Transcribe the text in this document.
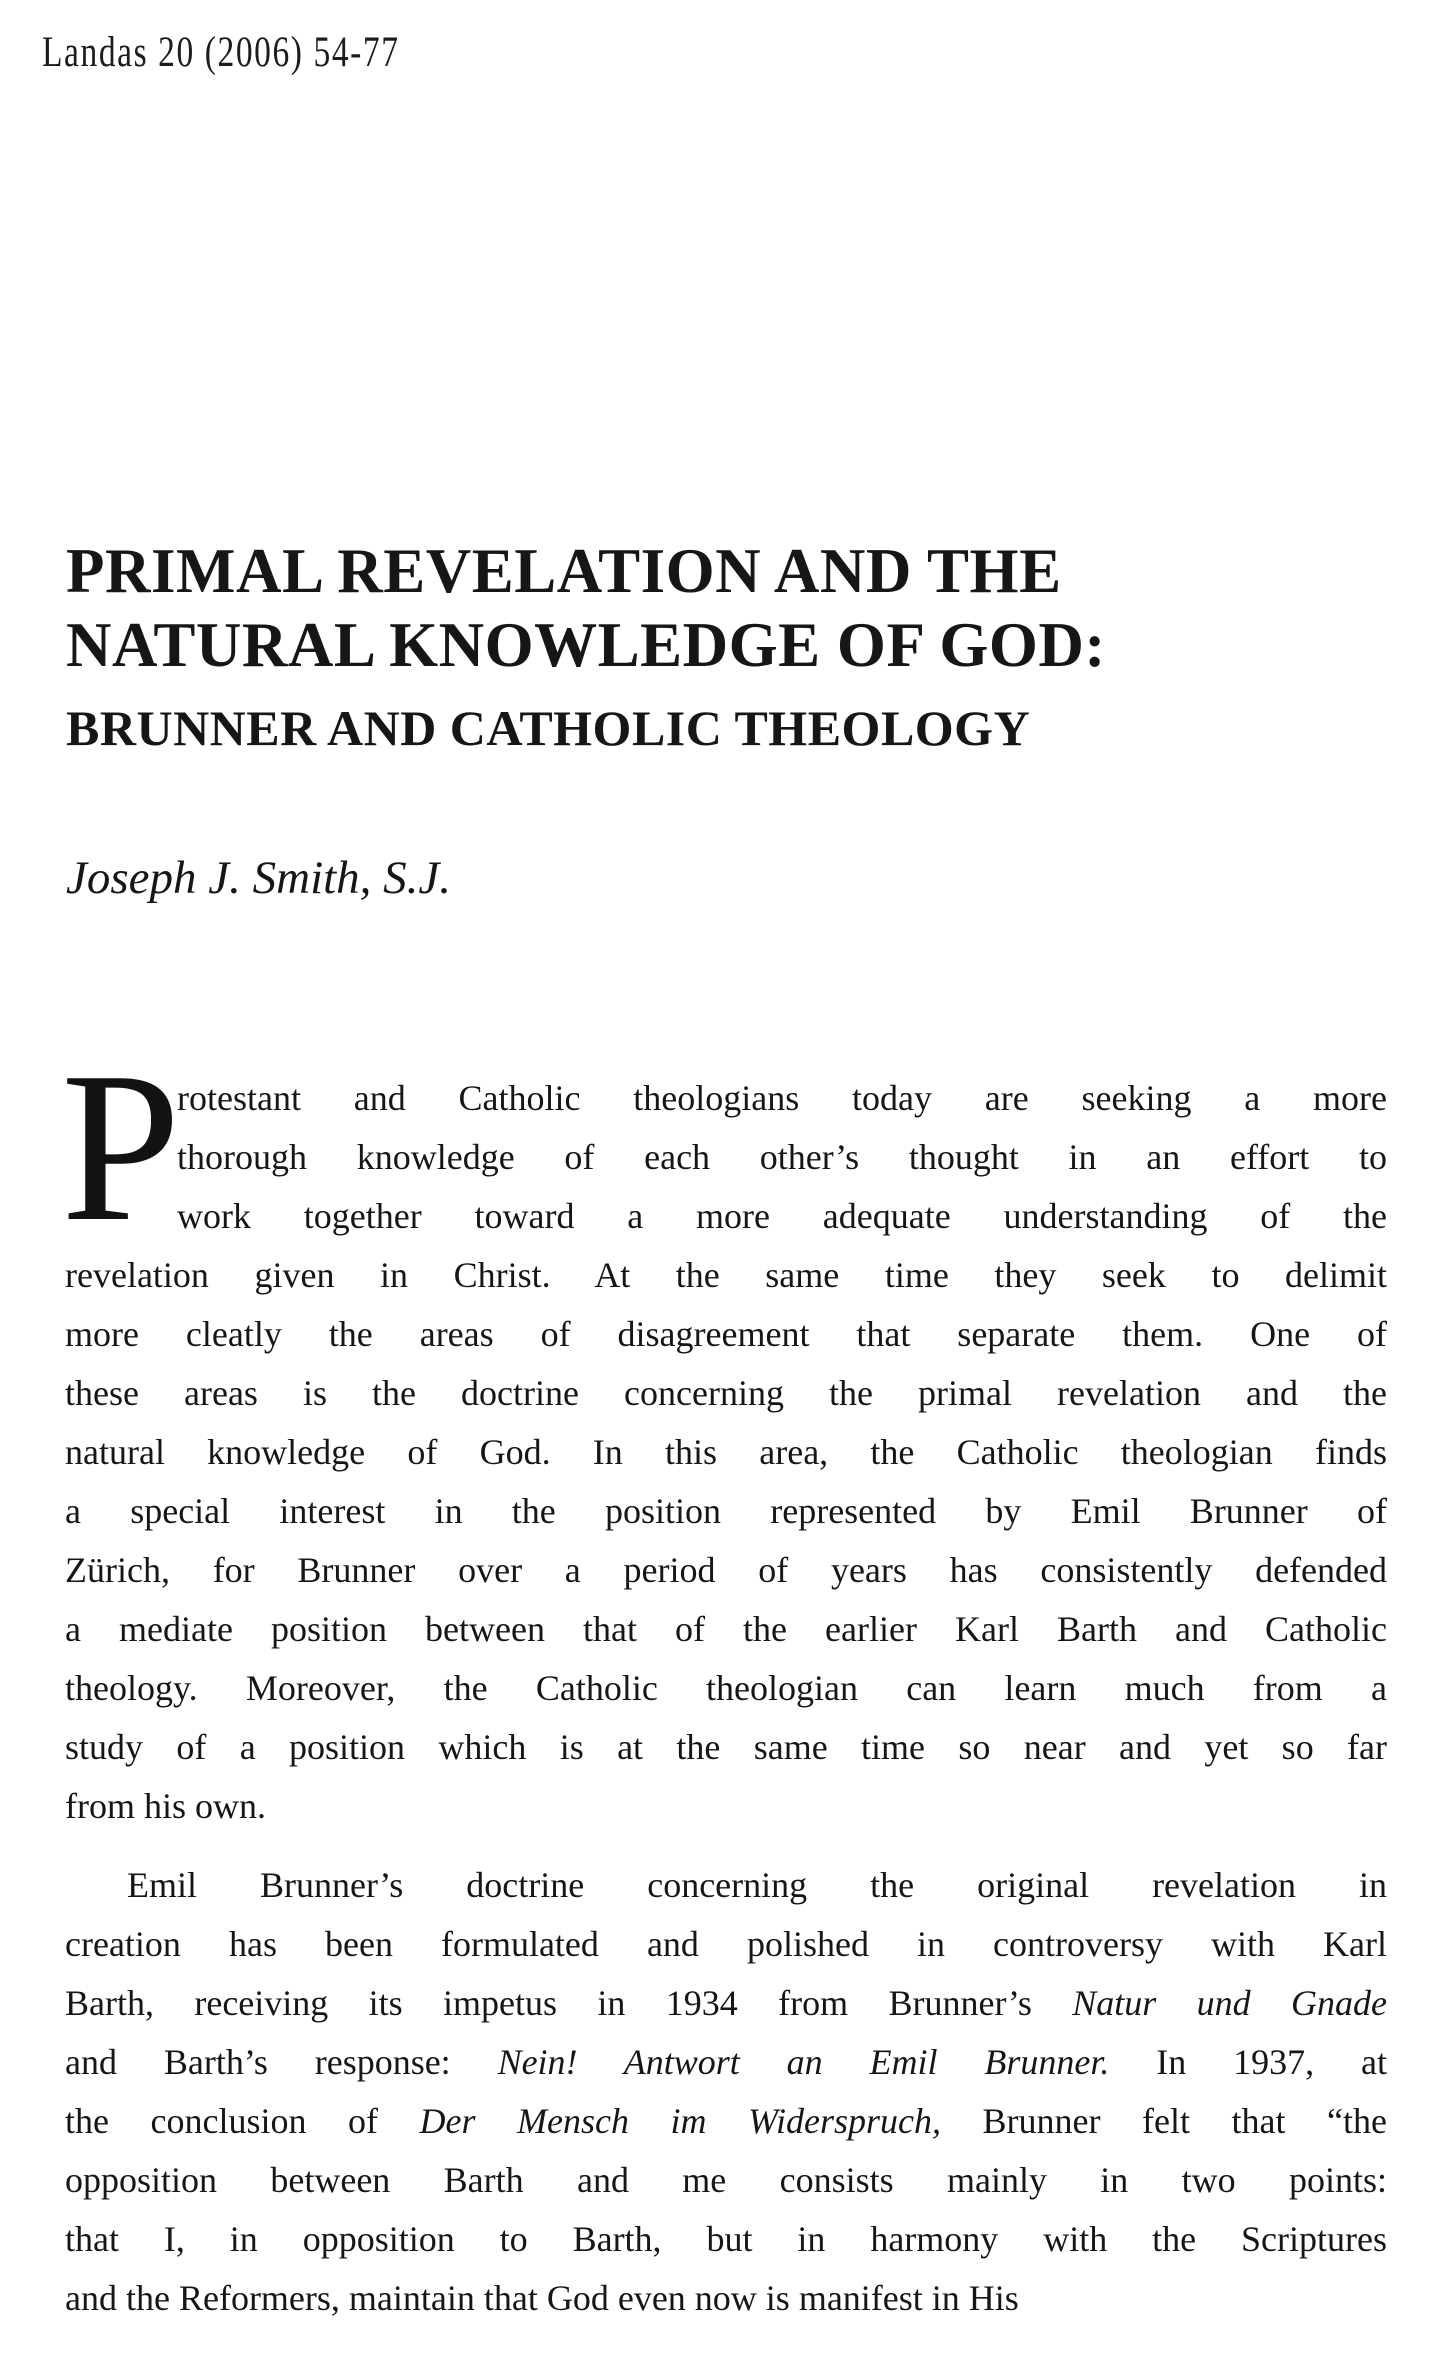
Landas 20 (2006) 54-77
PRIMAL REVELATION AND THE
NATURAL KNOWLEDGE OF GOD:
BRUNNER AND CATHOLIC THEOLOGY
Joseph J. Smith, S.J.
P
rotestant and Catholic theologians today are seeking a more
thorough knowledge of each other’s thought in an effort to
work together toward a more adequate understanding of the
revelation given in Christ. At the same time they seek to delimit
more cleatly the areas of disagreement that separate them. One of
these areas is the doctrine concerning the primal revelation and the
natural knowledge of God. In this area, the Catholic theologian finds
a special interest in the position represented by Emil Brunner of
Zürich, for Brunner over a period of years has consistently defended
a mediate position between that of the earlier Karl Barth and Catholic
theology. Moreover, the Catholic theologian can learn much from a
study of a position which is at the same time so near and yet so far
from his own.
Emil Brunner’s doctrine concerning the original revelation in
creation has been formulated and polished in controversy with Karl
Barth, receiving its impetus in 1934 from Brunner’s Natur und Gnade
and Barth’s response: Nein! Antwort an Emil Brunner. In 1937, at
the conclusion of Der Mensch im Widerspruch, Brunner felt that “the
opposition between Barth and me consists mainly in two points:
that I, in opposition to Barth, but in harmony with the Scriptures
and the Reformers, maintain that God even now is manifest in His
